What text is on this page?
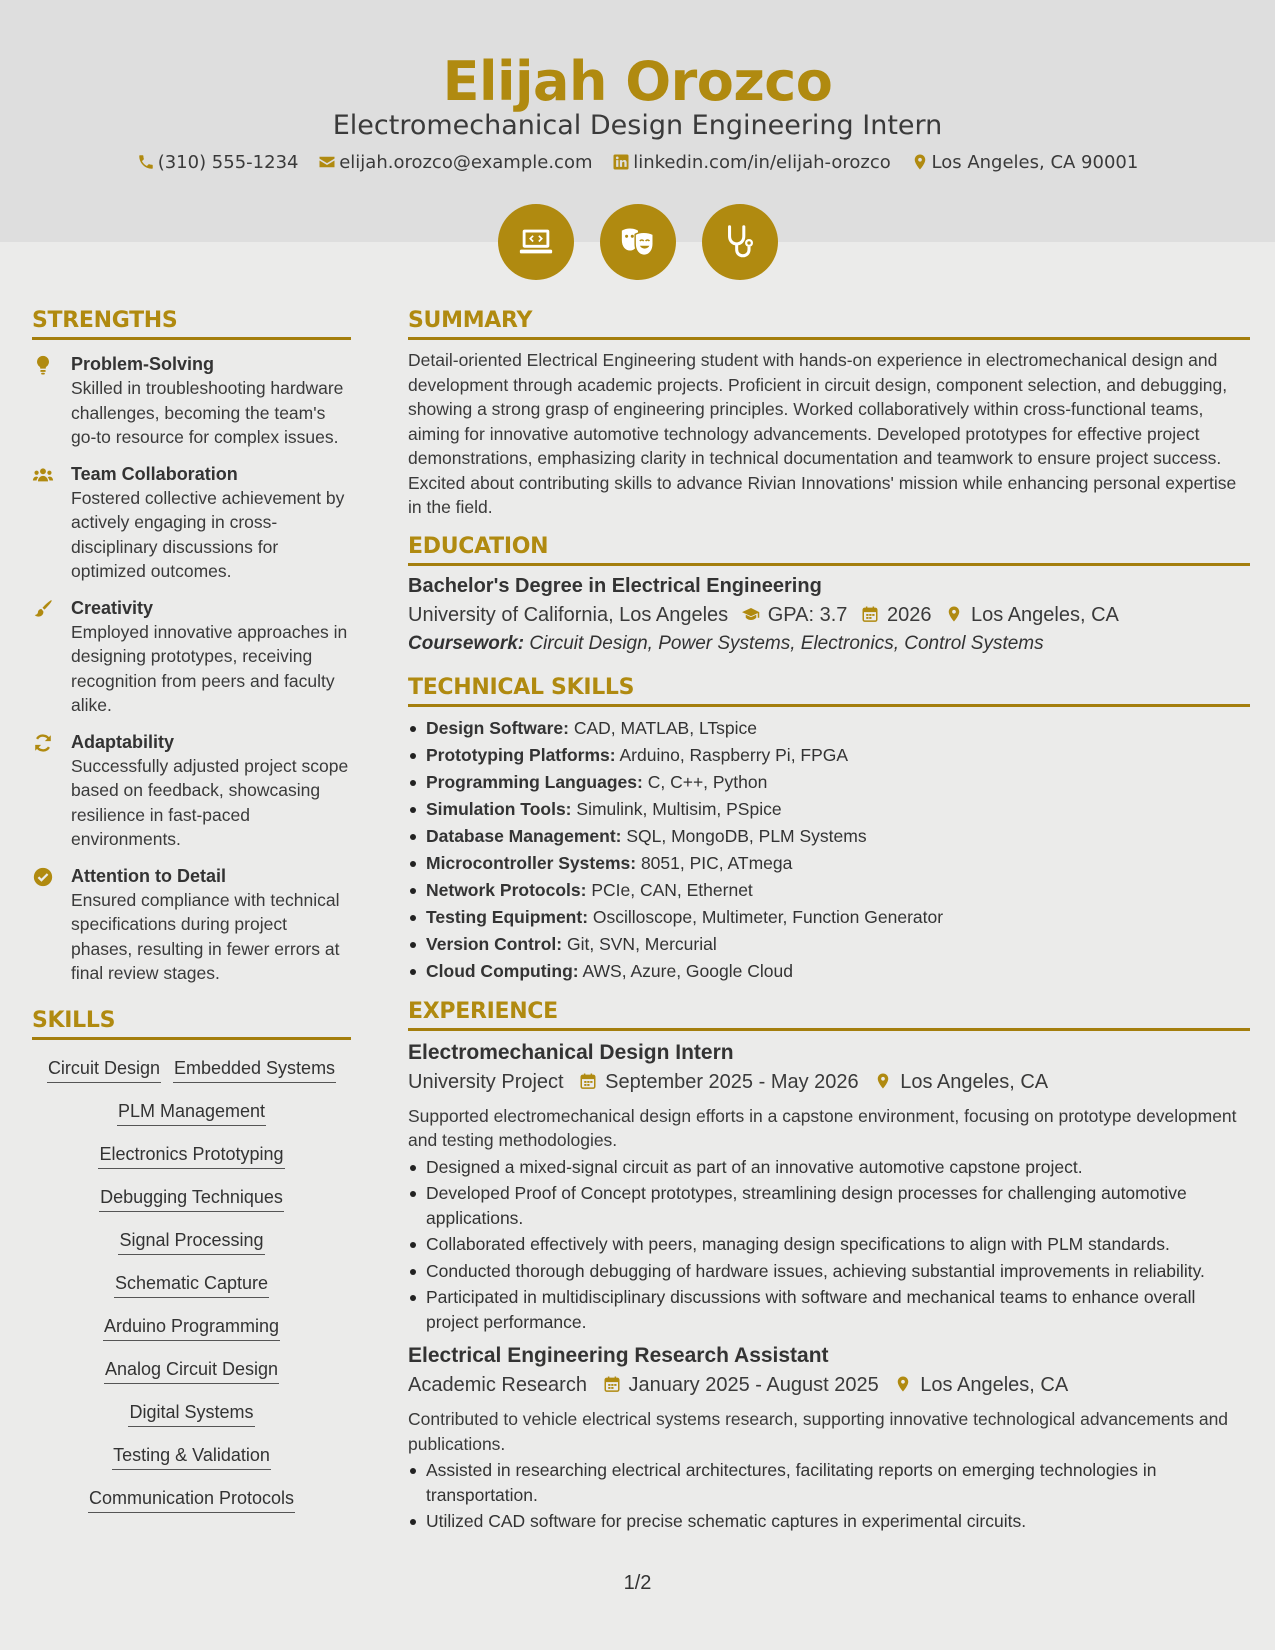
Elijah Orozco
Electromechanical Design Engineering Intern
(310) 555-1234 elijah.orozco@example.com linkedin.com/in/elijah-orozco Los Angeles, CA 90001

STRENGTHS
Problem-Solving
Skilled in troubleshooting hardware challenges, becoming the team's go-to resource for complex issues.
Team Collaboration
Fostered collective achievement by actively engaging in cross-disciplinary discussions for optimized outcomes.
Creativity
Employed innovative approaches in designing prototypes, receiving recognition from peers and faculty alike.
Adaptability
Successfully adjusted project scope based on feedback, showcasing resilience in fast-paced environments.
Attention to Detail
Ensured compliance with technical specifications during project phases, resulting in fewer errors at final review stages.
SKILLS
Circuit Design Embedded Systems
PLM Management
Electronics Prototyping
Debugging Techniques
Signal Processing
Schematic Capture
Arduino Programming
Analog Circuit Design
Digital Systems
Testing & Validation
Communication Protocols
SUMMARY
Detail-oriented Electrical Engineering student with hands-on experience in electromechanical design and development through academic projects. Proficient in circuit design, component selection, and debugging, showing a strong grasp of engineering principles. Worked collaboratively within cross-functional teams, aiming for innovative automotive technology advancements. Developed prototypes for effective project demonstrations, emphasizing clarity in technical documentation and teamwork to ensure project success. Excited about contributing skills to advance Rivian Innovations' mission while enhancing personal expertise in the field.
EDUCATION
Bachelor's Degree in Electrical Engineering
University of California, Los Angeles GPA: 3.7 2026 Los Angeles, CA
Coursework: Circuit Design, Power Systems, Electronics, Control Systems
TECHNICAL SKILLS
Design Software: CAD, MATLAB, LTspice
Prototyping Platforms: Arduino, Raspberry Pi, FPGA
Programming Languages: C, C++, Python
Simulation Tools: Simulink, Multisim, PSpice
Database Management: SQL, MongoDB, PLM Systems
Microcontroller Systems: 8051, PIC, ATmega
Network Protocols: PCIe, CAN, Ethernet
Testing Equipment: Oscilloscope, Multimeter, Function Generator
Version Control: Git, SVN, Mercurial
Cloud Computing: AWS, Azure, Google Cloud
EXPERIENCE
Electromechanical Design Intern
University Project September 2025 - May 2026 Los Angeles, CA
Supported electromechanical design efforts in a capstone environment, focusing on prototype development and testing methodologies.
Designed a mixed-signal circuit as part of an innovative automotive capstone project.
Developed Proof of Concept prototypes, streamlining design processes for challenging automotive applications.
Collaborated effectively with peers, managing design specifications to align with PLM standards.
Conducted thorough debugging of hardware issues, achieving substantial improvements in reliability.
Participated in multidisciplinary discussions with software and mechanical teams to enhance overall project performance.
Electrical Engineering Research Assistant
Academic Research January 2025 - August 2025 Los Angeles, CA
Contributed to vehicle electrical systems research, supporting innovative technological advancements and publications.
Assisted in researching electrical architectures, facilitating reports on emerging technologies in transportation.
Utilized CAD software for precise schematic captures in experimental circuits.
1/2
